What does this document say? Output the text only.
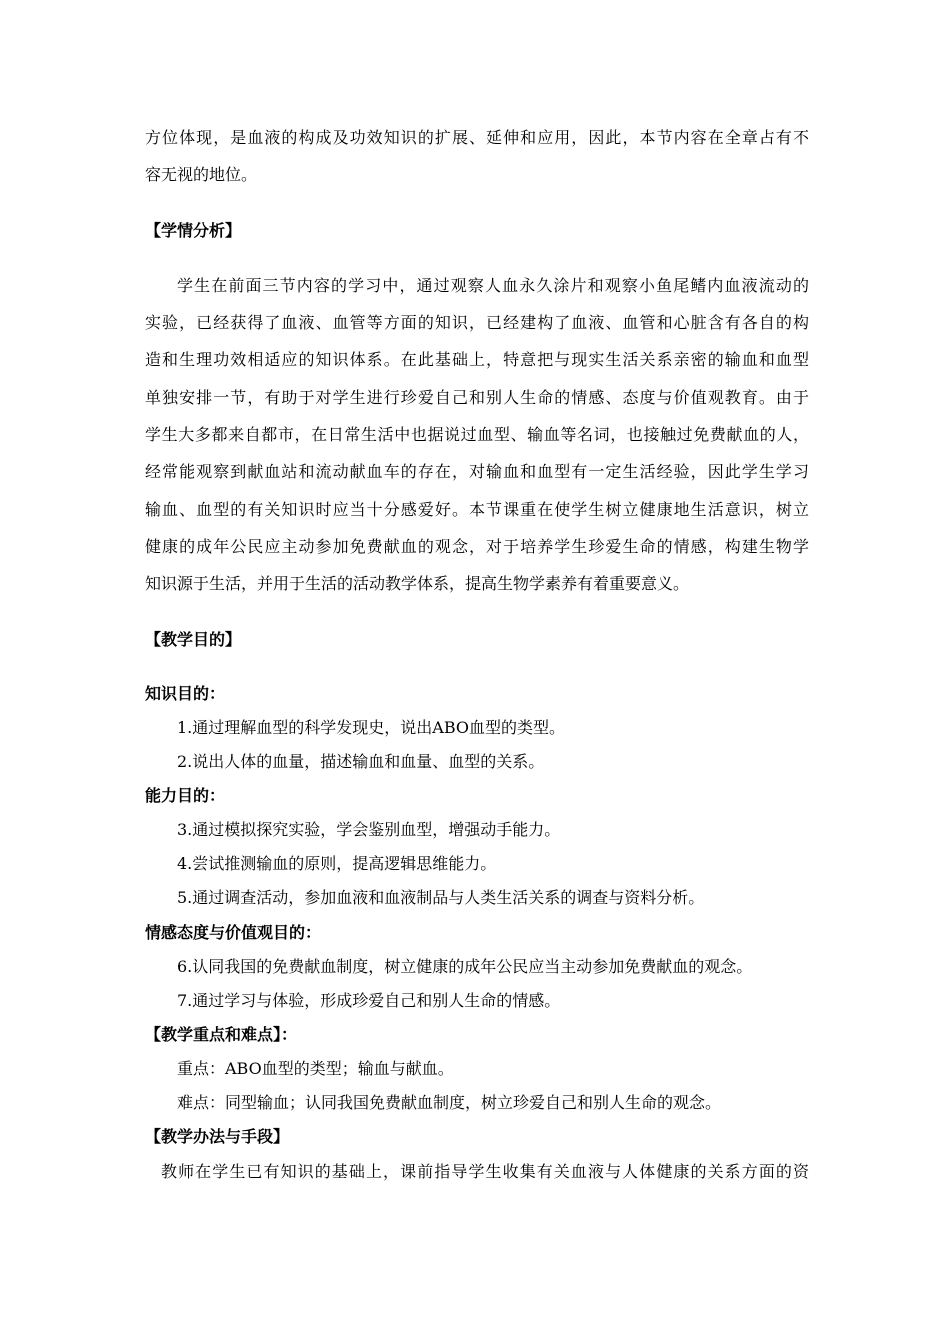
方位体现，是血液的构成及功效知识的扩展、延伸和应用，因此，本节内容在全章占有不
容无视的地位。
【学情分析】
学生在前面三节内容的学习中，通过观察人血永久涂片和观察小鱼尾鳍内血液流动的
实验，已经获得了血液、血管等方面的知识，已经建构了血液、血管和心脏含有各自的构
造和生理功效相适应的知识体系。在此基础上，特意把与现实生活关系亲密的输血和血型
单独安排一节，有助于对学生进行珍爱自己和别人生命的情感、态度与价值观教育。由于
学生大多都来自都市，在日常生活中也据说过血型、输血等名词，也接触过免费献血的人，
经常能观察到献血站和流动献血车的存在，对输血和血型有一定生活经验，因此学生学习
输血、血型的有关知识时应当十分感爱好。本节课重在使学生树立健康地生活意识，树立
健康的成年公民应主动参加免费献血的观念，对于培养学生珍爱生命的情感，构建生物学
知识源于生活，并用于生活的活动教学体系，提高生物学素养有着重要意义。
【教学目的】
知识目的：
1.通过理解血型的科学发现史，说出ABO血型的类型。
2.说出人体的血量，描述输血和血量、血型的关系。
能力目的：
3.通过模拟探究实验，学会鉴别血型，增强动手能力。
4.尝试推测输血的原则，提高逻辑思维能力。
5.通过调查活动，参加血液和血液制品与人类生活关系的调查与资料分析。
情感态度与价值观目的：
6.认同我国的免费献血制度，树立健康的成年公民应当主动参加免费献血的观念。
7.通过学习与体验，形成珍爱自己和别人生命的情感。
【教学重点和难点】：
重点：ABO血型的类型；输血与献血。
难点：同型输血；认同我国免费献血制度，树立珍爱自己和别人生命的观念。
【教学办法与手段】
教师在学生已有知识的基础上，课前指导学生收集有关血液与人体健康的关系方面的资
